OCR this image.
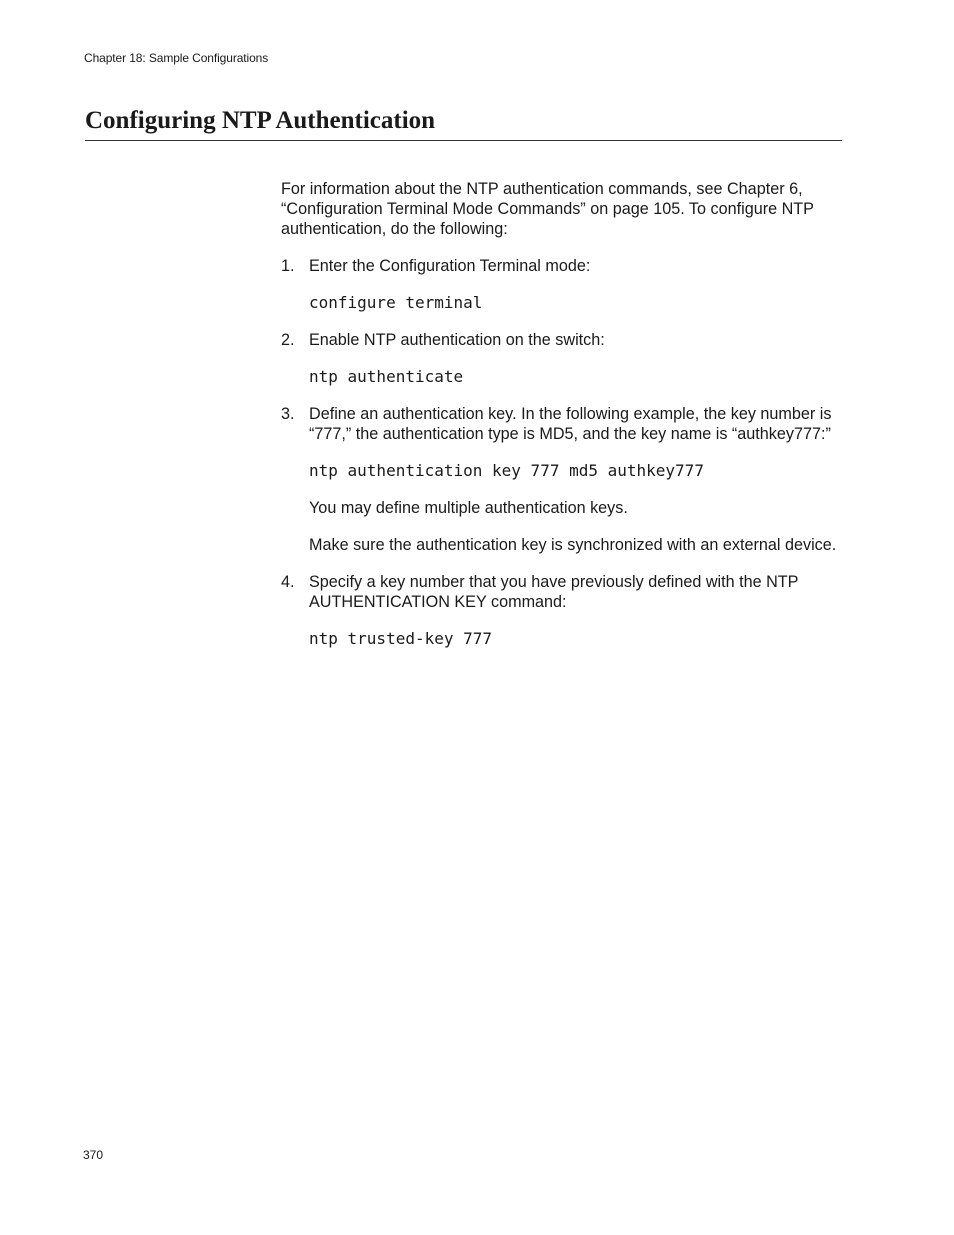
Chapter 18: Sample Configurations
Configuring NTP Authentication

For information about the NTP authentication commands, see Chapter 6, “Configuration Terminal Mode Commands” on page 105. To configure NTP authentication, do the following:

1. Enter the Configuration Terminal mode:

configure terminal
2. Enable NTP authentication on the switch:

ntp authenticate
3. Define an authentication key. In the following example, the key number is “777,” the authentication type is MD5, and the key name is “authkey777:”

ntp authentication key 777 md5 authkey777

You may define multiple authentication keys.

Make sure the authentication key is synchronized with an external device.

4. Specify a key number that you have previously defined with the NTP AUTHENTICATION KEY command:

ntp trusted-key 777
370
